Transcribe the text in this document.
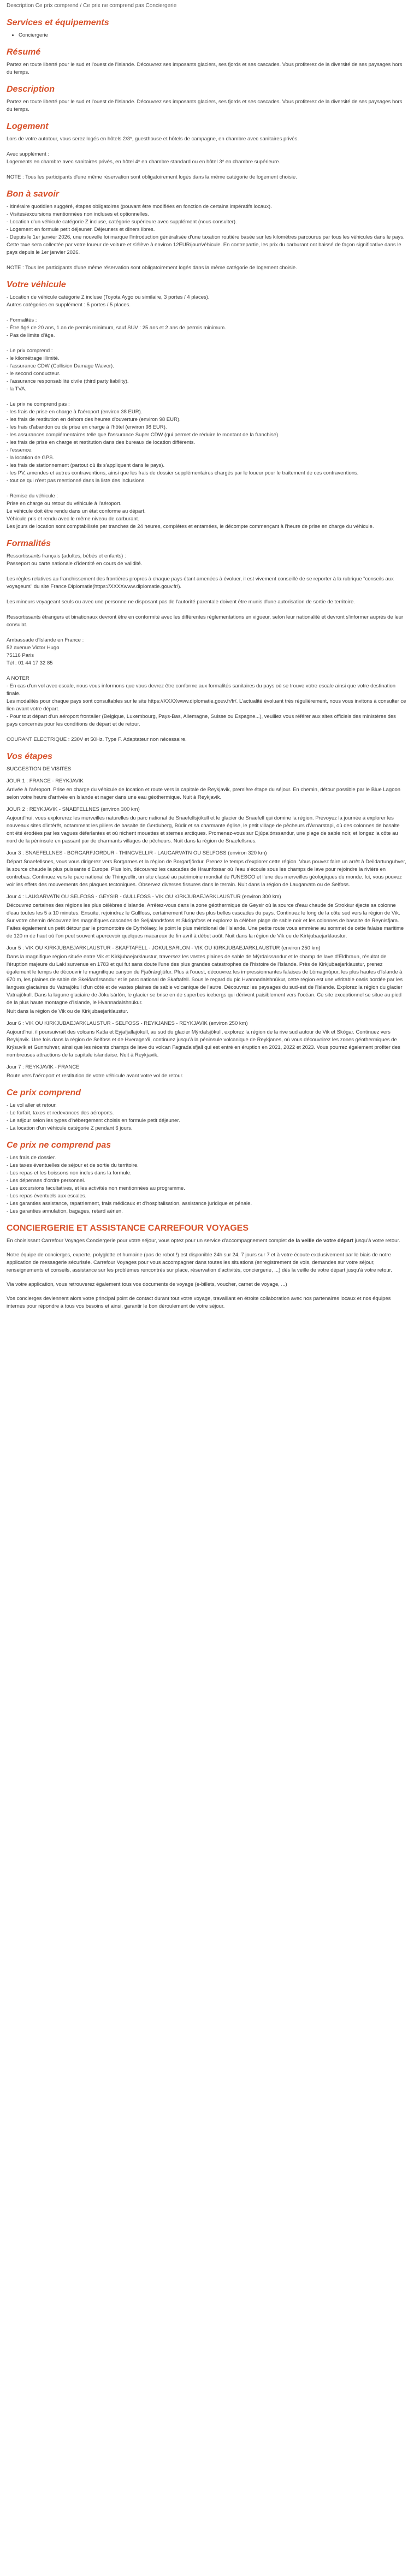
Description Ce prix comprend / Ce prix ne comprend pas Conciergerie

Services et équipements
• Conciergerie
Résumé

Partez en toute liberté pour le sud et l'ouest de l'Islande. Découvrez ses imposants glaciers, ses fjords et ses cascades. Vous profiterez de la diversité de ses paysages hors du temps.

Description

Partez en toute liberté pour le sud et l'ouest de l'Islande. Découvrez ses imposants glaciers, ses fjords et ses cascades. Vous profiterez de la diversité de ses paysages hors du temps.

Logement

Lors de votre autotour, vous serez logés en hôtels 2/3*, guesthouse et hôtels de campagne, en chambre avec sanitaires privés.

Avec supplément :

Logements en chambre avec sanitaires privés, en hôtel 4* en chambre standard ou en hôtel 3* en chambre supérieure.

NOTE : Tous les participants d'une même réservation sont obligatoirement logés dans la même catégorie de logement choisie.

Bon à savoir

- Itinéraire quotidien suggéré, étapes obligatoires (pouvant être modifiées en fonction de certains impératifs locaux).

- Visites/excursions mentionnées non incluses et optionnelles.

- Location d'un véhicule catégorie Z incluse, catégorie supérieure avec supplément (nous consulter).

- Logement en formule petit déjeuner. Déjeuners et dîners libres.

- Depuis le 1er janvier 2026, une nouvelle loi marque l'introduction généralisée d'une taxation routière basée sur les kilomètres parcourus par tous les véhicules dans le pays. Cette taxe sera collectée par votre loueur de voiture et s'élève à environ 12EUR/jour/véhicule. En contrepartie, les prix du carburant ont baissé de façon significative dans le pays depuis le 1er janvier 2026.

NOTE : Tous les participants d'une même réservation sont obligatoirement logés dans la même catégorie de logement choisie.

Votre véhicule

- Location de véhicule catégorie Z incluse (Toyota Aygo ou similaire, 3 portes / 4 places).

Autres catégories en supplément : 5 portes / 5 places.

- Formalités :

- Être âgé de 20 ans, 1 an de permis minimum, sauf SUV : 25 ans et 2 ans de permis minimum.

- Pas de limite d'âge.

- Le prix comprend :

- le kilométrage illimité.

- l'assurance CDW (Collision Damage Waiver).

- le second conducteur.

- l'assurance responsabilité civile (third party liability).

- la TVA.

- Le prix ne comprend pas :

- les frais de prise en charge à l'aéroport (environ 38 EUR).

- les frais de restitution en dehors des heures d'ouverture (environ 98 EUR).

- les frais d'abandon ou de prise en charge à l'hôtel (environ 98 EUR).

- les assurances complémentaires telle que l'assurance Super CDW (qui permet de réduire le montant de la franchise).

- les frais de prise en charge et restitution dans des bureaux de location différents.

- l'essence.

- la location de GPS.

- les frais de stationnement (partout où ils s'appliquent dans le pays).

- les PV, amendes et autres contraventions, ainsi que les frais de dossier supplémentaires chargés par le loueur pour le traitement de ces contraventions.

- tout ce qui n'est pas mentionné dans la liste des inclusions.

- Remise du véhicule :

Prise en charge ou retour du véhicule à l'aéroport.

Le véhicule doit être rendu dans un état conforme au départ.

Véhicule pris et rendu avec le même niveau de carburant.

Les jours de location sont comptabilisés par tranches de 24 heures, complètes et entamées, le décompte commençant à l'heure de prise en charge du véhicule.

Formalités

Ressortissants français (adultes, bébés et enfants) :

Passeport ou carte nationale d'identité en cours de validité.

Les règles relatives au franchissement des frontières propres à chaque pays étant amenées à évoluer, il est vivement conseillé de se reporter à la rubrique "conseils aux voyageurs" du site France Diplomatie(https://XXXXwww.diplomatie.gouv.fr/).

Les mineurs voyageant seuls ou avec une personne ne disposant pas de l'autorité parentale doivent être munis d'une autorisation de sortie de territoire.

Ressortissants étrangers et binationaux devront être en conformité avec les différentes réglementations en vigueur, selon leur nationalité et devront s'informer auprès de leur consulat.

Ambassade d'Islande en France :

52 avenue Victor Hugo

75116 Paris

Tél : 01 44 17 32 85

A NOTER

- En cas d'un vol avec escale, nous vous informons que vous devrez être conforme aux formalités sanitaires du pays où se trouve votre escale ainsi que votre destination finale.

Les modalités pour chaque pays sont consultables sur le site https://XXXXwww.diplomatie.gouv.fr/fr/. L'actualité évoluant très régulièrement, nous vous invitons à consulter ce lien avant votre départ.

- Pour tout départ d'un aéroport frontalier (Belgique, Luxembourg, Pays-Bas, Allemagne, Suisse ou Espagne...), veuillez vous référer aux sites officiels des ministères des pays concernés pour les conditions de départ et de retour.

COURANT ELECTRIQUE : 230V et 50Hz. Type F. Adaptateur non nécessaire.

Vos étapes

SUGGESTION DE VISITES

JOUR 1 : FRANCE - REYKJAVIK

Arrivée à l'aéroport. Prise en charge du véhicule de location et route vers la capitale de Reykjavik, première étape du séjour. En chemin, détour possible par le Blue Lagoon selon votre heure d'arrivée en Islande et nager dans une eau géothermique. Nuit à Reykjavik.

JOUR 2 : REYKJAVIK - SNAEFELLNES (environ 300 km)

Aujourd'hui, vous explorerez les merveilles naturelles du parc national de Snaefellsjökull et le glacier de Snaefell qui domine la région. Prévoyez la journée à explorer les nouveaux sites d'intérêt, notamment les piliers de basalte de Gerduberg, Búdir et sa charmante église, le petit village de pêcheurs d'Arnarstapi, où des colonnes de basalte ont été érodées par les vagues déferlantes et où nichent mouettes et sternes arctiques. Promenez-vous sur Djúpalónssandur, une plage de sable noir, et longez la côte au nord de la péninsule en passant par de charmants villages de pêcheurs. Nuit dans la région de Snaefellsnes.

Jour 3 : SNAEFELLNES - BORGARFJORDUR - THINGVELLIR - LAUGARVATN OU SELFOSS (environ 320 km)

Départ Snaefellsnes, vous vous dirigerez vers Borgarnes et la région de Borgarfjördur. Prenez le temps d'explorer cette région. Vous pouvez faire un arrêt à Deildartunguhver, la source chaude la plus puissante d'Europe. Plus loin, découvrez les cascades de Hraunfossar où l'eau s'écoule sous les champs de lave pour rejoindre la rivière en contrebas. Continuez vers le parc national de Thingvellir, un site classé au patrimoine mondial de l'UNESCO et l'une des merveilles géologiques du monde. Ici, vous pouvez voir les effets des mouvements des plaques tectoniques. Observez diverses fissures dans le terrain. Nuit dans la région de Laugarvatn ou de Selfoss.

Jour 4 : LAUGARVATN OU SELFOSS - GEYSIR - GULLFOSS - VIK OU KIRKJUBAEJARKLAUSTUR (environ 300 km)

Découvrez certaines des régions les plus célèbres d'Islande. Arrêtez-vous dans la zone géothermique de Geysir où la source d'eau chaude de Strokkur éjecte sa colonne d'eau toutes les 5 à 10 minutes. Ensuite, rejoindrez le Gullfoss, certainement l'une des plus belles cascades du pays. Continuez le long de la côte sud vers la région de Vik. Sur votre chemin découvrez les magnifiques cascades de Seljalandsfoss et Skógafoss et explorez la célèbre plage de sable noir et les colonnes de basalte de Reynisfjara. Faites également un petit détour par le promontoire de Dyrhólaey, le point le plus méridional de l'Islande. Une petite route vous emmène au sommet de cette falaise maritime de 120 m de haut où l'on peut souvent apercevoir quelques macareux de fin avril à début août. Nuit dans la région de Vik ou de Kirkjubaejarklaustur.

Jour 5 : VIK OU KIRKJUBAEJARKLAUSTUR - SKAFTAFELL - JOKULSARLON - VIK OU KIRKJUBAEJARKLAUSTUR (environ 250 km)

Dans la magnifique région située entre Vik et Kirkjubaejarklaustur, traversez les vastes plaines de sable de Mýrdalssandur et le champ de lave d'Eldhraun, résultat de l'éruption majeure du Laki survenue en 1783 et qui fut sans doute l'une des plus grandes catastrophes de l'histoire de l'Islande. Près de Kirkjubaejarklaustur, prenez également le temps de découvrir le magnifique canyon de Fjaðrárgljúfur. Plus à l'ouest, découvrez les impressionnantes falaises de Lómagnúpur, les plus hautes d'Islande à 670 m, les plaines de sable de Skeiðarársandur et le parc national de Skaftafell. Sous le regard du pic Hvannadalshnúkur, cette région est une véritable oasis bordée par les langues glaciaires du Vatnajökull d'un côté et de vastes plaines de sable volcanique de l'autre. Découvrez les paysages du sud-est de l'Islande. Explorez la région du glacier Vatnajökull. Dans la lagune glaciaire de Jökulsárlón, le glacier se brise en de superbes icebergs qui dérivent paisiblement vers l'océan. Ce site exceptionnel se situe au pied de la plus haute montagne d'Islande, le Hvannadalshnúkur.

Nuit dans la région de Vik ou de Kirkjubaejarklaustur.

Jour 6 : VIK OU KIRKJUBAEJARKLAUSTUR - SELFOSS - REYKJANES - REYKJAVIK (environ 250 km)

Aujourd'hui, il poursuivrait des volcans Katla et Eyjafjallajökull, au sud du glacier Mýrdalsjökull, explorez la région de la rive sud autour de Vik et Skógar. Continuez vers Reykjavik. Une fois dans la région de Selfoss et de Hveragerði, continuez jusqu'à la péninsule volcanique de Reykjanes, où vous découvrirez les zones géothermiques de Krýsuvík et Gunnuhver, ainsi que les récents champs de lave du volcan Fagradalsfjall qui est entré en éruption en 2021, 2022 et 2023. Vous pourrez également profiter des nombreuses attractions de la capitale islandaise. Nuit à Reykjavik.

Jour 7 : REYKJAVIK - FRANCE

Route vers l'aéroport et restitution de votre véhicule avant votre vol de retour.

Ce prix comprend

- Le vol aller et retour.

- Le forfait, taxes et redevances des aéroports.

- Le séjour selon les types d'hébergement choisis en formule petit déjeuner.

- La location d'un véhicule catégorie Z pendant 6 jours.

Ce prix ne comprend pas

- Les frais de dossier.

- Les taxes éventuelles de séjour et de sortie du territoire.

- Les repas et les boissons non inclus dans la formule.

- Les dépenses d'ordre personnel.

- Les excursions facultatives, et les activités non mentionnées au programme.

- Les repas éventuels aux escales.

- Les garanties assistance, rapatriement, frais médicaux et d'hospitalisation, assistance juridique et pénale.

- Les garanties annulation, bagages, retard aérien.

CONCIERGERIE ET ASSISTANCE CARREFOUR VOYAGES

En choisissant Carrefour Voyages Conciergerie pour votre séjour, vous optez pour un service d'accompagnement complet de la veille de votre départ jusqu'à votre retour.

Notre équipe de concierges, experte, polyglotte et humaine (pas de robot !) est disponible 24h sur 24, 7 jours sur 7 et à votre écoute exclusivement par le biais de notre application de messagerie sécurisée. Carrefour Voyages pour vous accompagner dans toutes les situations (enregistrement de vols, demandes sur votre séjour, renseignements et conseils, assistance sur les problèmes rencontrés sur place, réservation d'activités, conciergerie, ...) dès la veille de votre départ jusqu'à votre retour.

Via votre application, vous retrouverez également tous vos documents de voyage (e-billets, voucher, carnet de voyage, ...)

Vos concierges deviennent alors votre principal point de contact durant tout votre voyage, travaillant en étroite collaboration avec nos partenaires locaux et nos équipes internes pour répondre à tous vos besoins et ainsi, garantir le bon déroulement de votre séjour.
